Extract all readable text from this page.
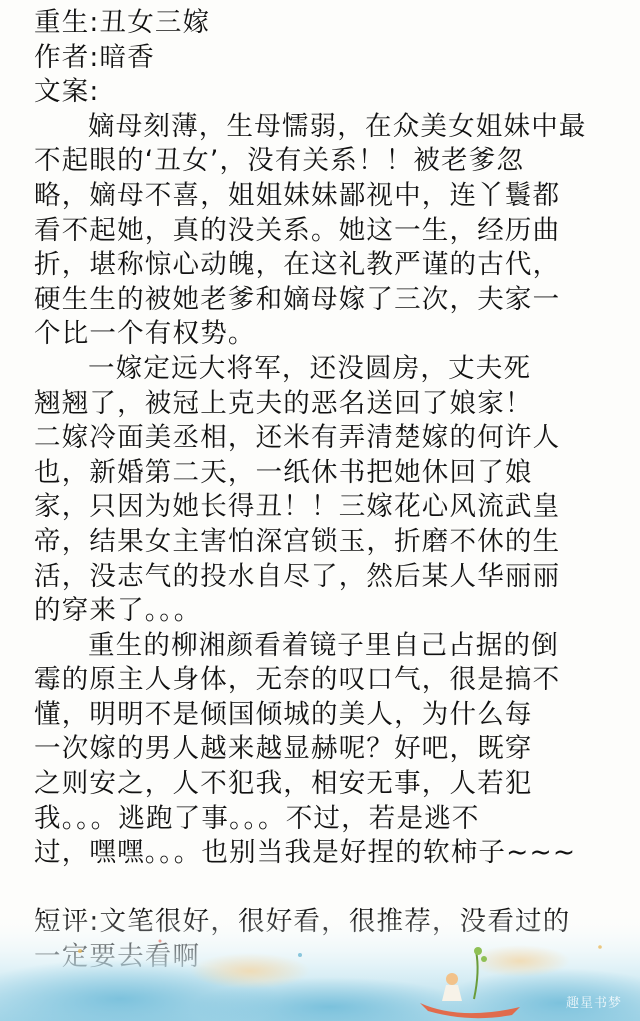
重生:丑女三嫁
作者:暗香
文案:
嫡母刻薄，生母懦弱，在众美女姐妹中最
不起眼的‘丑女’，没有关系！！被老爹忽
略，嫡母不喜，姐姐妹妹鄙视中，连丫鬟都
看不起她，真的没关系。她这一生，经历曲
折，堪称惊心动魄，在这礼教严谨的古代，
硬生生的被她老爹和嫡母嫁了三次，夫家一
个比一个有权势。
一嫁定远大将军，还没圆房，丈夫死
翘翘了，被冠上克夫的恶名送回了娘家！
二嫁冷面美丞相，还米有弄清楚嫁的何许人
也，新婚第二天，一纸休书把她休回了娘
家，只因为她长得丑！！三嫁花心风流武皇
帝，结果女主害怕深宫锁玉，折磨不休的生
活，没志气的投水自尽了，然后某人华丽丽
的穿来了。。。
重生的柳湘颜看着镜子里自己占据的倒
霉的原主人身体，无奈的叹口气，很是搞不
懂，明明不是倾国倾城的美人，为什么每
一次嫁的男人越来越显赫呢？好吧，既穿
之则安之，人不犯我，相安无事，人若犯
我。。。逃跑了事。。。不过，若是逃不
过，嘿嘿。。。也别当我是好捏的软柿子~~~
趣星书梦
